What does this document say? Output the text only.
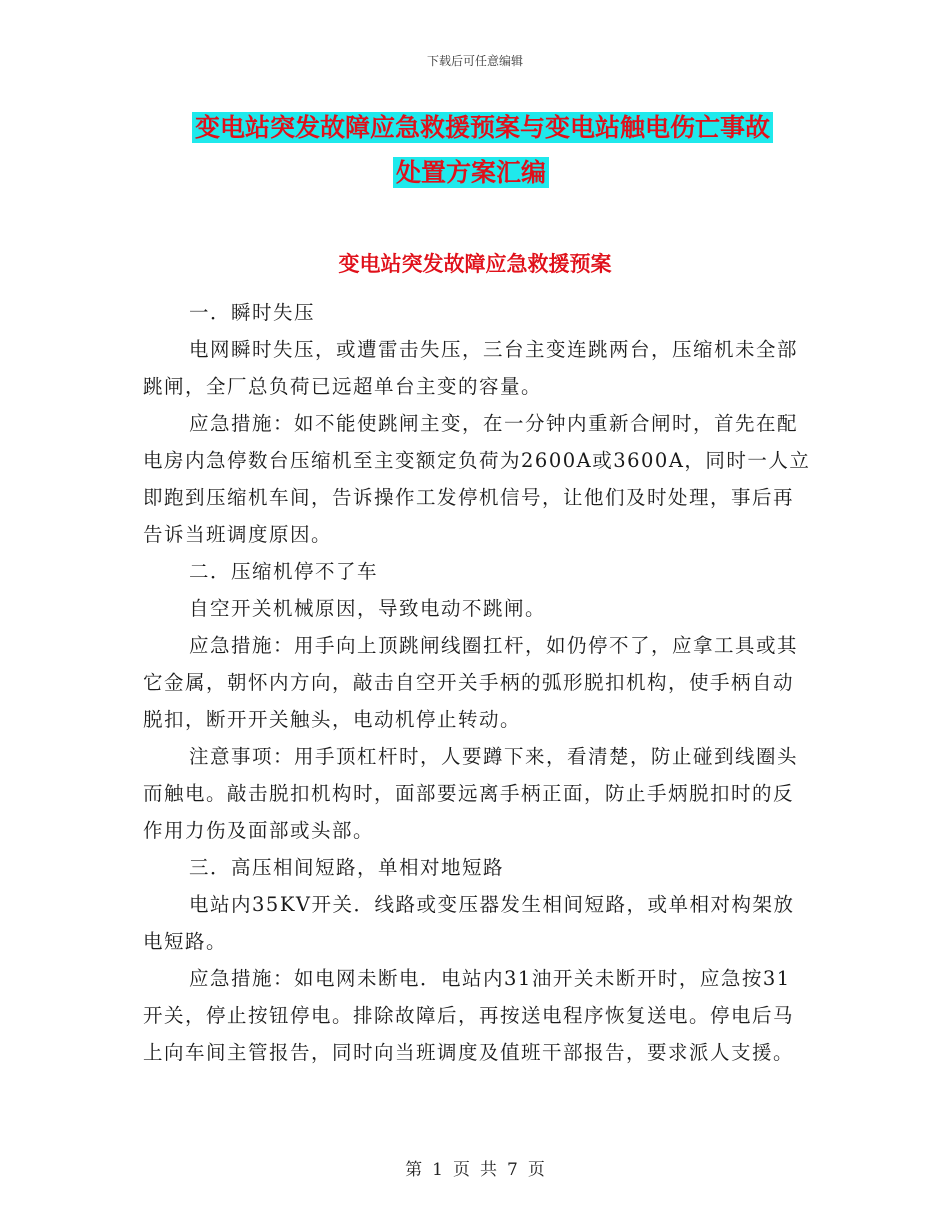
下载后可任意编辑
变电站突发故障应急救援预案与变电站触电伤亡事故
处置方案汇编
变电站突发故障应急救援预案

一．瞬时失压

电网瞬时失压，或遭雷击失压，三台主变连跳两台，压缩机未全部跳闸，全厂总负荷已远超单台主变的容量。

应急措施：如不能使跳闸主变，在一分钟内重新合闸时，首先在配电房内急停数台压缩机至主变额定负荷为2600A或3600A，同时一人立即跑到压缩机车间，告诉操作工发停机信号，让他们及时处理，事后再告诉当班调度原因。

二．压缩机停不了车

自空开关机械原因，导致电动不跳闸。

应急措施：用手向上顶跳闸线圈扛杆，如仍停不了，应拿工具或其它金属，朝怀内方向，敲击自空开关手柄的弧形脱扣机构，使手柄自动脱扣，断开开关触头，电动机停止转动。

注意事项：用手顶杠杆时，人要蹲下来，看清楚，防止碰到线圈头而触电。敲击脱扣机构时，面部要远离手柄正面，防止手炳脱扣时的反作用力伤及面部或头部。

三．高压相间短路，单相对地短路

电站内35KV开关．线路或变压器发生相间短路，或单相对构架放电短路。

应急措施：如电网未断电．电站内31油开关未断开时，应急按31开关，停止按钮停电。排除故障后，再按送电程序恢复送电。停电后马上向车间主管报告，同时向当班调度及值班干部报告，要求派人支援。

第 1 页 共 7 页
